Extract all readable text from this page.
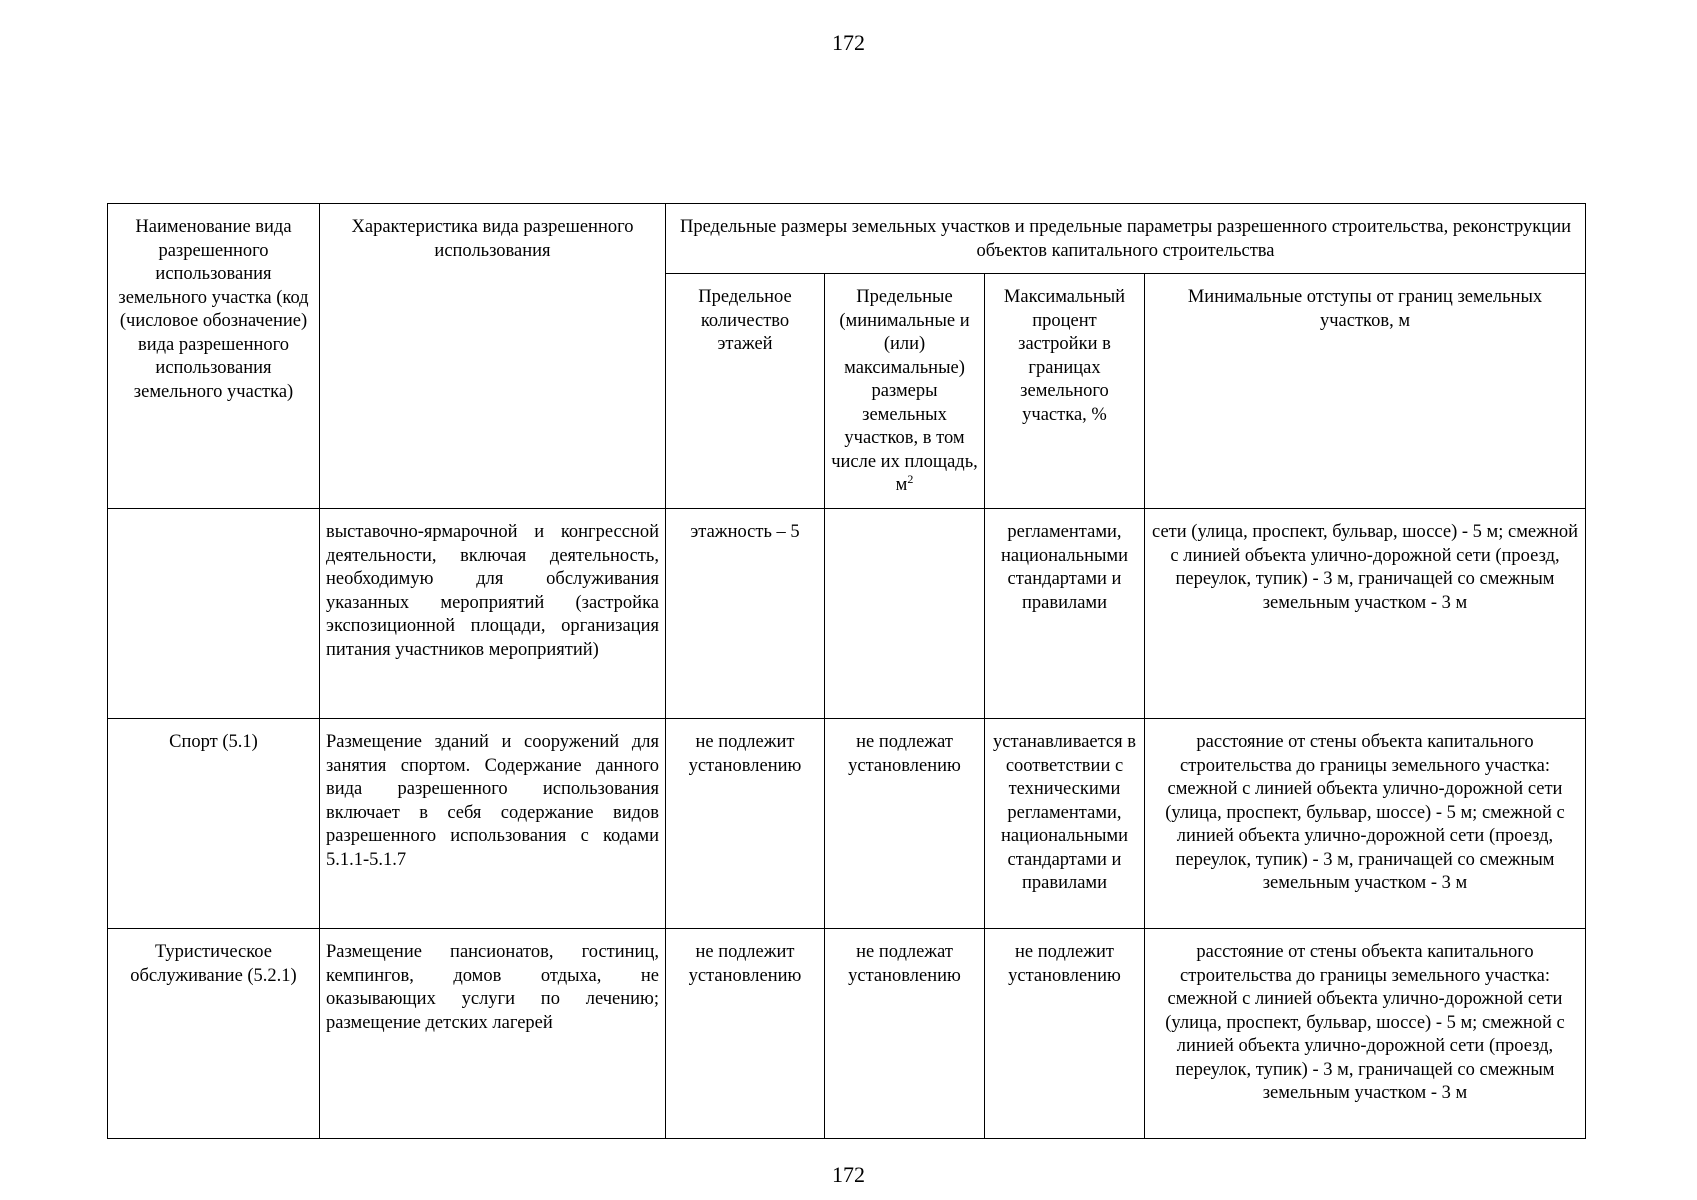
172
Наименование вида разрешенного использования земельного участка (код (числовое обозначение) вида разрешенного использования земельного участка)	Характеристика вида разрешенного использования	Предельные размеры земельных участков и предельные параметры разрешенного строительства, реконструкции объектов капитального строительства			
		Предельное количество этажей	Предельные (минимальные и (или) максимальные) размеры земельных участков, в том числе их площадь, $м^2$	Максимальный процент застройки в границах земельного участка, %	Минимальные отступы от границ земельных участков, м
	выставочно-ярмарочной и конгрессной деятельности, включая деятельность, необходимую для обслуживания указанных мероприятий (застройка экспозиционной площади, организация питания участников мероприятий)	этажность – 5		регламентами, национальными стандартами и правилами	сети (улица, проспект, бульвар, шоссе) - 5 м; смежной с линией объекта улично-дорожной сети (проезд, переулок, тупик) - 3 м, граничащей со смежным земельным участком - 3 м
Спорт (5.1)	Размещение зданий и сооружений для занятия спортом. Содержание данного вида разрешенного использования включает в себя содержание видов разрешенного использования с кодами 5.1.1-5.1.7	не подлежит установлению	не подлежат установлению	устанавливается в соответствии с техническими регламентами, национальными стандартами и правилами	расстояние от стены объекта капитального строительства до границы земельного участка: смежной с линией объекта улично-дорожной сети (улица, проспект, бульвар, шоссе) - 5 м; смежной с линией объекта улично-дорожной сети (проезд, переулок, тупик) - 3 м, граничащей со смежным земельным участком - 3 м
Туристическое обслуживание (5.2.1)	Размещение пансионатов, гостиниц, кемпингов, домов отдыха, не оказывающих услуги по лечению; размещение детских лагерей	не подлежит установлению	не подлежат установлению	не подлежит установлению	расстояние от стены объекта капитального строительства до границы земельного участка: смежной с линией объекта улично-дорожной сети (улица, проспект, бульвар, шоссе) - 5 м; смежной с линией объекта улично-дорожной сети (проезд, переулок, тупик) - 3 м, граничащей со смежным земельным участком - 3 м
172
